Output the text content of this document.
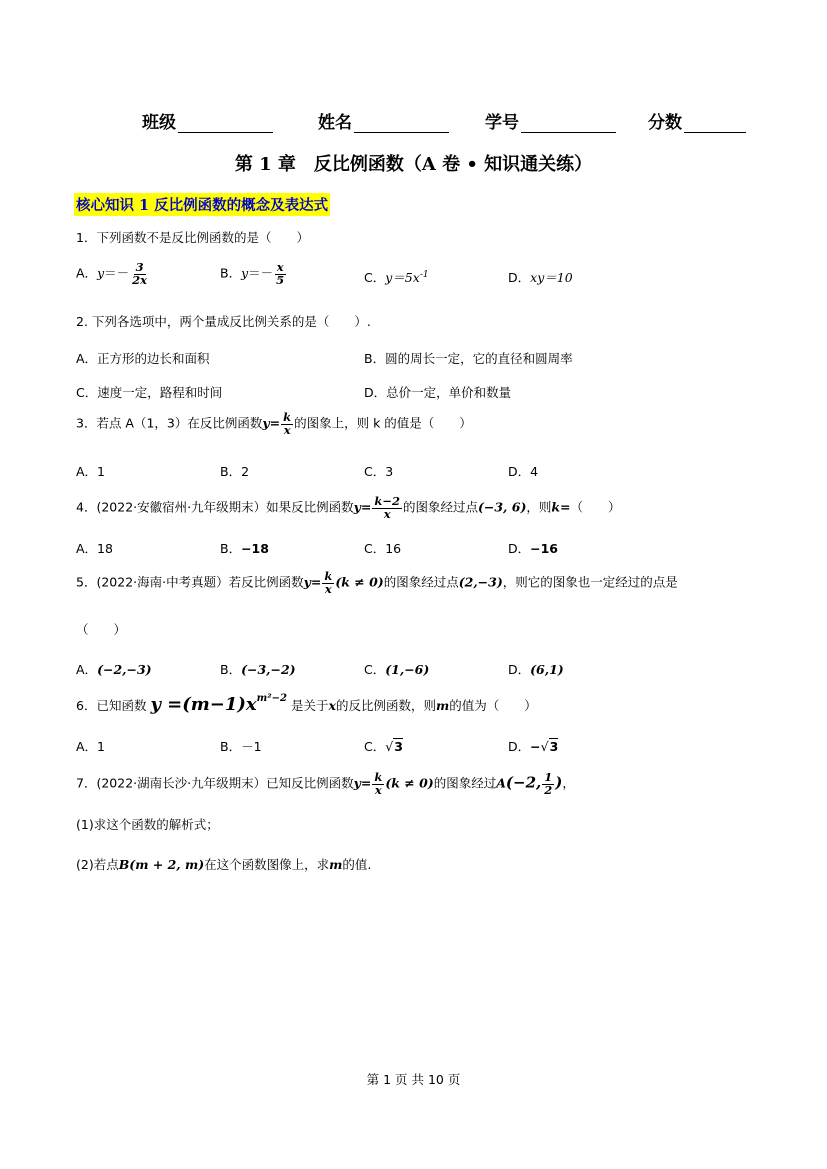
班级	姓名	学号	分数
第 1 章　反比例函数（A 卷 • 知识通关练）
核心知识 1 反比例函数的概念及表达式
1．下列函数不是反比例函数的是（　　）
A．$y=- \frac{3}{2x}$	B．$y=- \frac{x}{5}$	C．$y=5x^{-1}$	D．xy＝10
2. 下列各选项中，两个量成反比例关系的是（　　）.
A．正方形的边长和面积	B．圆的周长一定，它的直径和圆周率
C．速度一定，路程和时间	D．总价一定，单价和数量
3．若点 A（1，3）在反比例函数$y= \frac{k}{x}$ 的图象上，则 k 的值是（　　）
A．1	B．2	C．3	D．4
4．(2022·安徽宿州·九年级期末）如果反比例函数$y= \frac{k-2}{x}$ 的图象经过点(−3, 6)，则k=（　　）
A．18	B．−18	C．16	D．−16
5．(2022·海南·中考真题）若反比例函数$y= \frac{k}{x} (k \ne 0)$的图象经过点(2,−3)，则它的图象也一定经过的点是
（　　）
A．(−2,−3)	B．(−3,−2)	C．(1,−6)	D．(6,1)
6．已知函数 $y =(m-1)x^{m^2-2}$ 是关于x的反比例函数，则m的值为（　　）
A．1	B．－1	C．√3	D．−√3
7．(2022·湖南长沙·九年级期末）已知反比例函数$y= \frac{k}{x} (k \ne 0)$的图象经过A(−2, $\frac{1}{2}$ )，
(1)求这个函数的解析式；
(2)若点B(m + 2, m)在这个函数图像上，求m的值.
第 1 页 共 10 页
